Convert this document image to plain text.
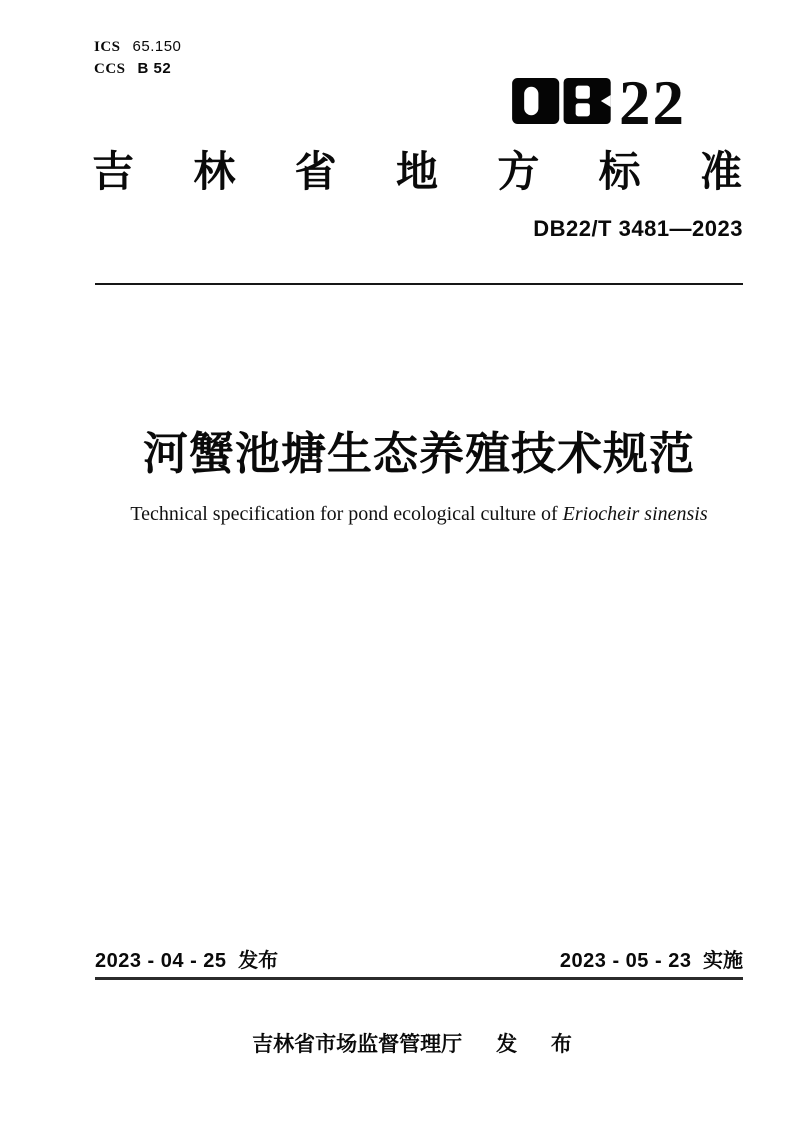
ICS 65.150
CCS B 52	22
吉 林 省 地 方 标 准
DB22/T 3481—2023
河蟹池塘生态养殖技术规范
Technical specification for pond ecological culture of Eriocheir sinensis
2023 - 04 - 25 发布	2023 - 05 - 23 实施
吉林省市场监督管理厅 发 布
